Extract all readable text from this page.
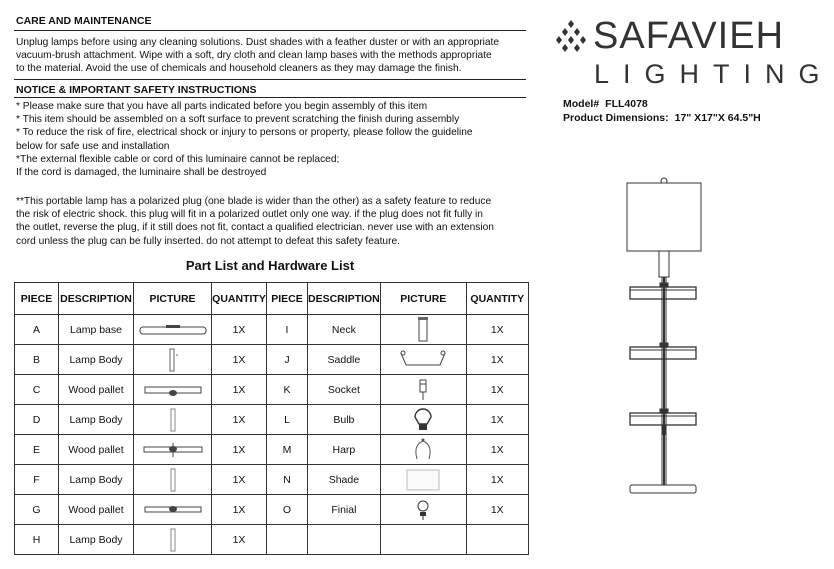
CARE AND MAINTENANCE
Unplug lamps before using any cleaning solutions. Dust shades with a feather duster or with an appropriate
vacuum-brush attachment. Wipe with a soft, dry cloth and clean lamp bases with the methods appropriate
to the material. Avoid the use of chemicals and household cleaners as they may damage the finish.
NOTICE & IMPORTANT SAFETY INSTRUCTIONS
* Please make sure that you have all parts indicated before you begin assembly of this item
* This item should be assembled on a soft surface to prevent scratching the finish during assembly
* To reduce the risk of fire, electrical shock or injury to persons or property, please follow the guideline
below for safe use and installation
*The external flexible cable or cord of this luminaire cannot be replaced;
If the cord is damaged, the luminaire shall be destroyed
**This portable lamp has a polarized plug (one blade is wider than the other) as a safety feature to reduce
the risk of electric shock. this plug will fit in a polarized outlet only one way. if the plug does not fit fully in
the outlet, reverse the plug, if it still does not fit, contact a qualified electrician. never use with an extension
cord unless the plug can be fully inserted. do not attempt to defeat this safety feature.
SAFAVIEH
LIGHTING
Model# FLL4078
Product Dimensions: 17" X17"X 64.5"H
Part List and Hardware List
PIECE	DESCRIPTION	PICTURE	QUANTITY	PIECE	DESCRIPTION	PICTURE	QUANTITY
A	Lamp base		1X	I	Neck		1X
B	Lamp Body		1X	J	Saddle		1X
C	Wood pallet		1X	K	Socket		1X
D	Lamp Body		1X	L	Bulb		1X
E	Wood pallet		1X	M	Harp		1X
F	Lamp Body		1X	N	Shade		1X
G	Wood pallet		1X	O	Finial		1X
H	Lamp Body		1X				
